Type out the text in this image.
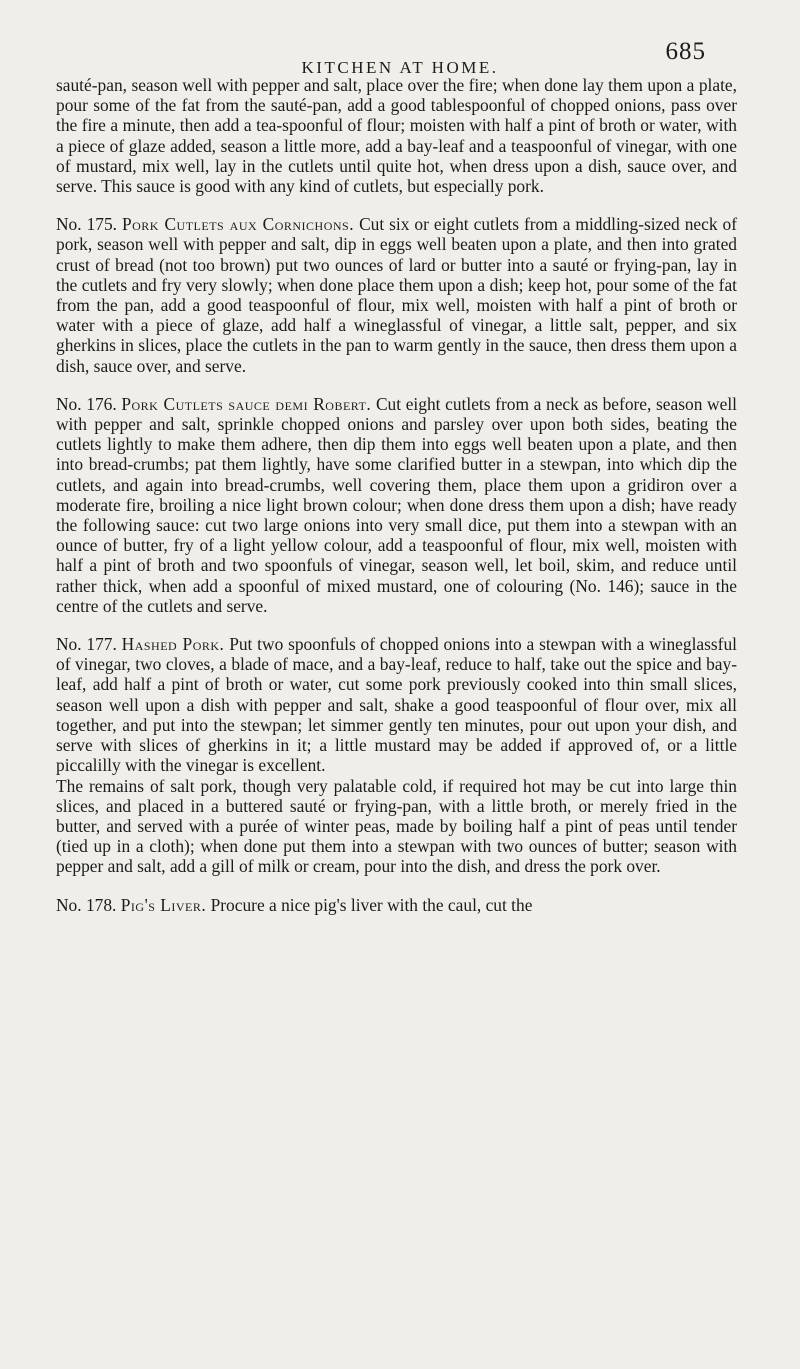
KITCHEN AT HOME.
685

sauté-pan, season well with pepper and salt, place over the fire; when done lay them upon a plate, pour some of the fat from the sauté-pan, add a good tablespoonful of chopped onions, pass over the fire a minute, then add a tea-spoonful of flour; moisten with half a pint of broth or water, with a piece of glaze added, season a little more, add a bay-leaf and a teaspoonful of vinegar, with one of mustard, mix well, lay in the cutlets until quite hot, when dress upon a dish, sauce over, and serve. This sauce is good with any kind of cutlets, but especially pork.

No. 175. Pork Cutlets aux Cornichons. Cut six or eight cutlets from a middling-sized neck of pork, season well with pepper and salt, dip in eggs well beaten upon a plate, and then into grated crust of bread (not too brown) put two ounces of lard or butter into a sauté or frying-pan, lay in the cutlets and fry very slowly; when done place them upon a dish; keep hot, pour some of the fat from the pan, add a good teaspoonful of flour, mix well, moisten with half a pint of broth or water with a piece of glaze, add half a wineglassful of vinegar, a little salt, pepper, and six gherkins in slices, place the cutlets in the pan to warm gently in the sauce, then dress them upon a dish, sauce over, and serve.

No. 176. Pork Cutlets sauce demi Robert. Cut eight cutlets from a neck as before, season well with pepper and salt, sprinkle chopped onions and parsley over upon both sides, beating the cutlets lightly to make them adhere, then dip them into eggs well beaten upon a plate, and then into bread-crumbs; pat them lightly, have some clarified butter in a stewpan, into which dip the cutlets, and again into bread-crumbs, well covering them, place them upon a gridiron over a moderate fire, broiling a nice light brown colour; when done dress them upon a dish; have ready the following sauce: cut two large onions into very small dice, put them into a stewpan with an ounce of butter, fry of a light yellow colour, add a teaspoonful of flour, mix well, moisten with half a pint of broth and two spoonfuls of vinegar, season well, let boil, skim, and reduce until rather thick, when add a spoonful of mixed mustard, one of colouring (No. 146); sauce in the centre of the cutlets and serve.

No. 177. Hashed Pork. Put two spoonfuls of chopped onions into a stewpan with a wineglassful of vinegar, two cloves, a blade of mace, and a bay-leaf, reduce to half, take out the spice and bay-leaf, add half a pint of broth or water, cut some pork previously cooked into thin small slices, season well upon a dish with pepper and salt, shake a good teaspoonful of flour over, mix all together, and put into the stewpan; let simmer gently ten minutes, pour out upon your dish, and serve with slices of gherkins in it; a little mustard may be added if approved of, or a little piccalilly with the vinegar is excellent.

The remains of salt pork, though very palatable cold, if required hot may be cut into large thin slices, and placed in a buttered sauté or frying-pan, with a little broth, or merely fried in the butter, and served with a purée of winter peas, made by boiling half a pint of peas until tender (tied up in a cloth); when done put them into a stewpan with two ounces of butter; season with pepper and salt, add a gill of milk or cream, pour into the dish, and dress the pork over.

No. 178. Pig's Liver. Procure a nice pig's liver with the caul, cut the
